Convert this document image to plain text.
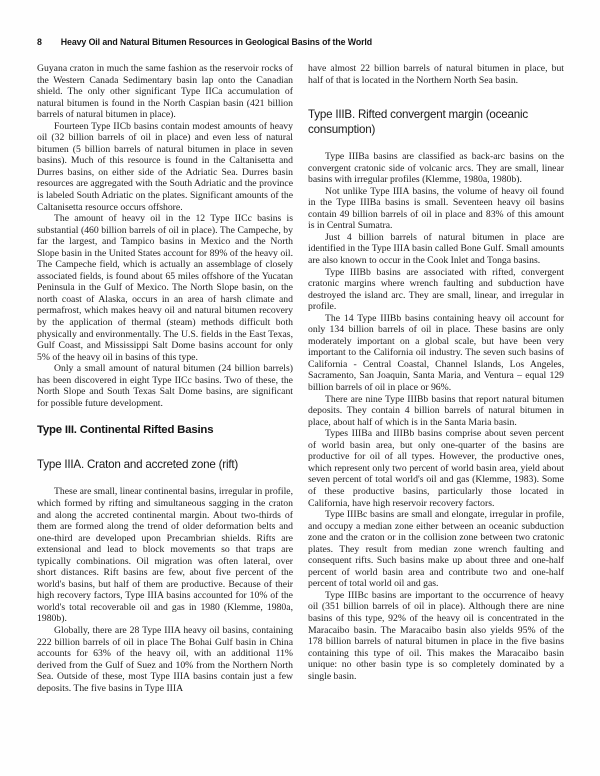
8 Heavy Oil and Natural Bitumen Resources in Geological Basins of the World

Guyana craton in much the same fashion as the reservoir rocks of the Western Canada Sedimentary basin lap onto the Canadian shield. The only other significant Type IICa accumulation of natural bitumen is found in the North Caspian basin (421 billion barrels of natural bitumen in place).

Fourteen Type IICb basins contain modest amounts of heavy oil (32 billion barrels of oil in place) and even less of natural bitumen (5 billion barrels of natural bitumen in place in seven basins). Much of this resource is found in the Caltanisetta and Durres basins, on either side of the Adriatic Sea. Durres basin resources are aggregated with the South Adriatic and the province is labeled South Adriatic on the plates. Significant amounts of the Caltanisetta resource occurs offshore.

The amount of heavy oil in the 12 Type IICc basins is substantial (460 billion barrels of oil in place). The Campeche, by far the largest, and Tampico basins in Mexico and the North Slope basin in the United States account for 89% of the heavy oil. The Campeche field, which is actually an assemblage of closely associated fields, is found about 65 miles offshore of the Yucatan Peninsula in the Gulf of Mexico. The North Slope basin, on the north coast of Alaska, occurs in an area of harsh climate and permafrost, which makes heavy oil and natural bitumen recovery by the application of thermal (steam) methods difficult both physically and environmentally. The U.S. fields in the East Texas, Gulf Coast, and Mississippi Salt Dome basins account for only 5% of the heavy oil in basins of this type.

Only a small amount of natural bitumen (24 billion barrels) has been discovered in eight Type IICc basins. Two of these, the North Slope and South Texas Salt Dome basins, are significant for possible future development.

Type III. Continental Rifted Basins
Type IIIA. Craton and accreted zone (rift)

These are small, linear continental basins, irregular in profile, which formed by rifting and simultaneous sagging in the craton and along the accreted continental margin. About two-thirds of them are formed along the trend of older deformation belts and one-third are developed upon Precambrian shields. Rifts are extensional and lead to block movements so that traps are typically combinations. Oil migration was often lateral, over short distances. Rift basins are few, about five percent of the world's basins, but half of them are productive. Because of their high recovery factors, Type IIIA basins accounted for 10% of the world's total recoverable oil and gas in 1980 (Klemme, 1980a, 1980b).

Globally, there are 28 Type IIIA heavy oil basins, containing 222 billion barrels of oil in place The Bohai Gulf basin in China accounts for 63% of the heavy oil, with an additional 11% derived from the Gulf of Suez and 10% from the Northern North Sea. Outside of these, most Type IIIA basins contain just a few deposits. The five basins in Type IIIA

have almost 22 billion barrels of natural bitumen in place, but half of that is located in the Northern North Sea basin.

Type IIIB. Rifted convergent margin (oceanic consumption)

Type IIIBa basins are classified as back-arc basins on the convergent cratonic side of volcanic arcs. They are small, linear basins with irregular profiles (Klemme, 1980a, 1980b).

Not unlike Type IIIA basins, the volume of heavy oil found in the Type IIIBa basins is small. Seventeen heavy oil basins contain 49 billion barrels of oil in place and 83% of this amount is in Central Sumatra.

Just 4 billion barrels of natural bitumen in place are identified in the Type IIIA basin called Bone Gulf. Small amounts are also known to occur in the Cook Inlet and Tonga basins.

Type IIIBb basins are associated with rifted, convergent cratonic margins where wrench faulting and subduction have destroyed the island arc. They are small, linear, and irregular in profile.

The 14 Type IIIBb basins containing heavy oil account for only 134 billion barrels of oil in place. These basins are only moderately important on a global scale, but have been very important to the California oil industry. The seven such basins of California - Central Coastal, Channel Islands, Los Angeles, Sacramento, San Joaquin, Santa Maria, and Ventura – equal 129 billion barrels of oil in place or 96%.

There are nine Type IIIBb basins that report natural bitumen deposits. They contain 4 billion barrels of natural bitumen in place, about half of which is in the Santa Maria basin.

Types IIIBa and IIIBb basins comprise about seven percent of world basin area, but only one-quarter of the basins are productive for oil of all types. However, the productive ones, which represent only two percent of world basin area, yield about seven percent of total world's oil and gas (Klemme, 1983). Some of these productive basins, particularly those located in California, have high reservoir recovery factors.

Type IIIBc basins are small and elongate, irregular in profile, and occupy a median zone either between an oceanic subduction zone and the craton or in the collision zone between two cratonic plates. They result from median zone wrench faulting and consequent rifts. Such basins make up about three and one-half percent of world basin area and contribute two and one-half percent of total world oil and gas.

Type IIIBc basins are important to the occurrence of heavy oil (351 billion barrels of oil in place). Although there are nine basins of this type, 92% of the heavy oil is concentrated in the Maracaibo basin. The Maracaibo basin also yields 95% of the 178 billion barrels of natural bitumen in place in the five basins containing this type of oil. This makes the Maracaibo basin unique: no other basin type is so completely dominated by a single basin.
